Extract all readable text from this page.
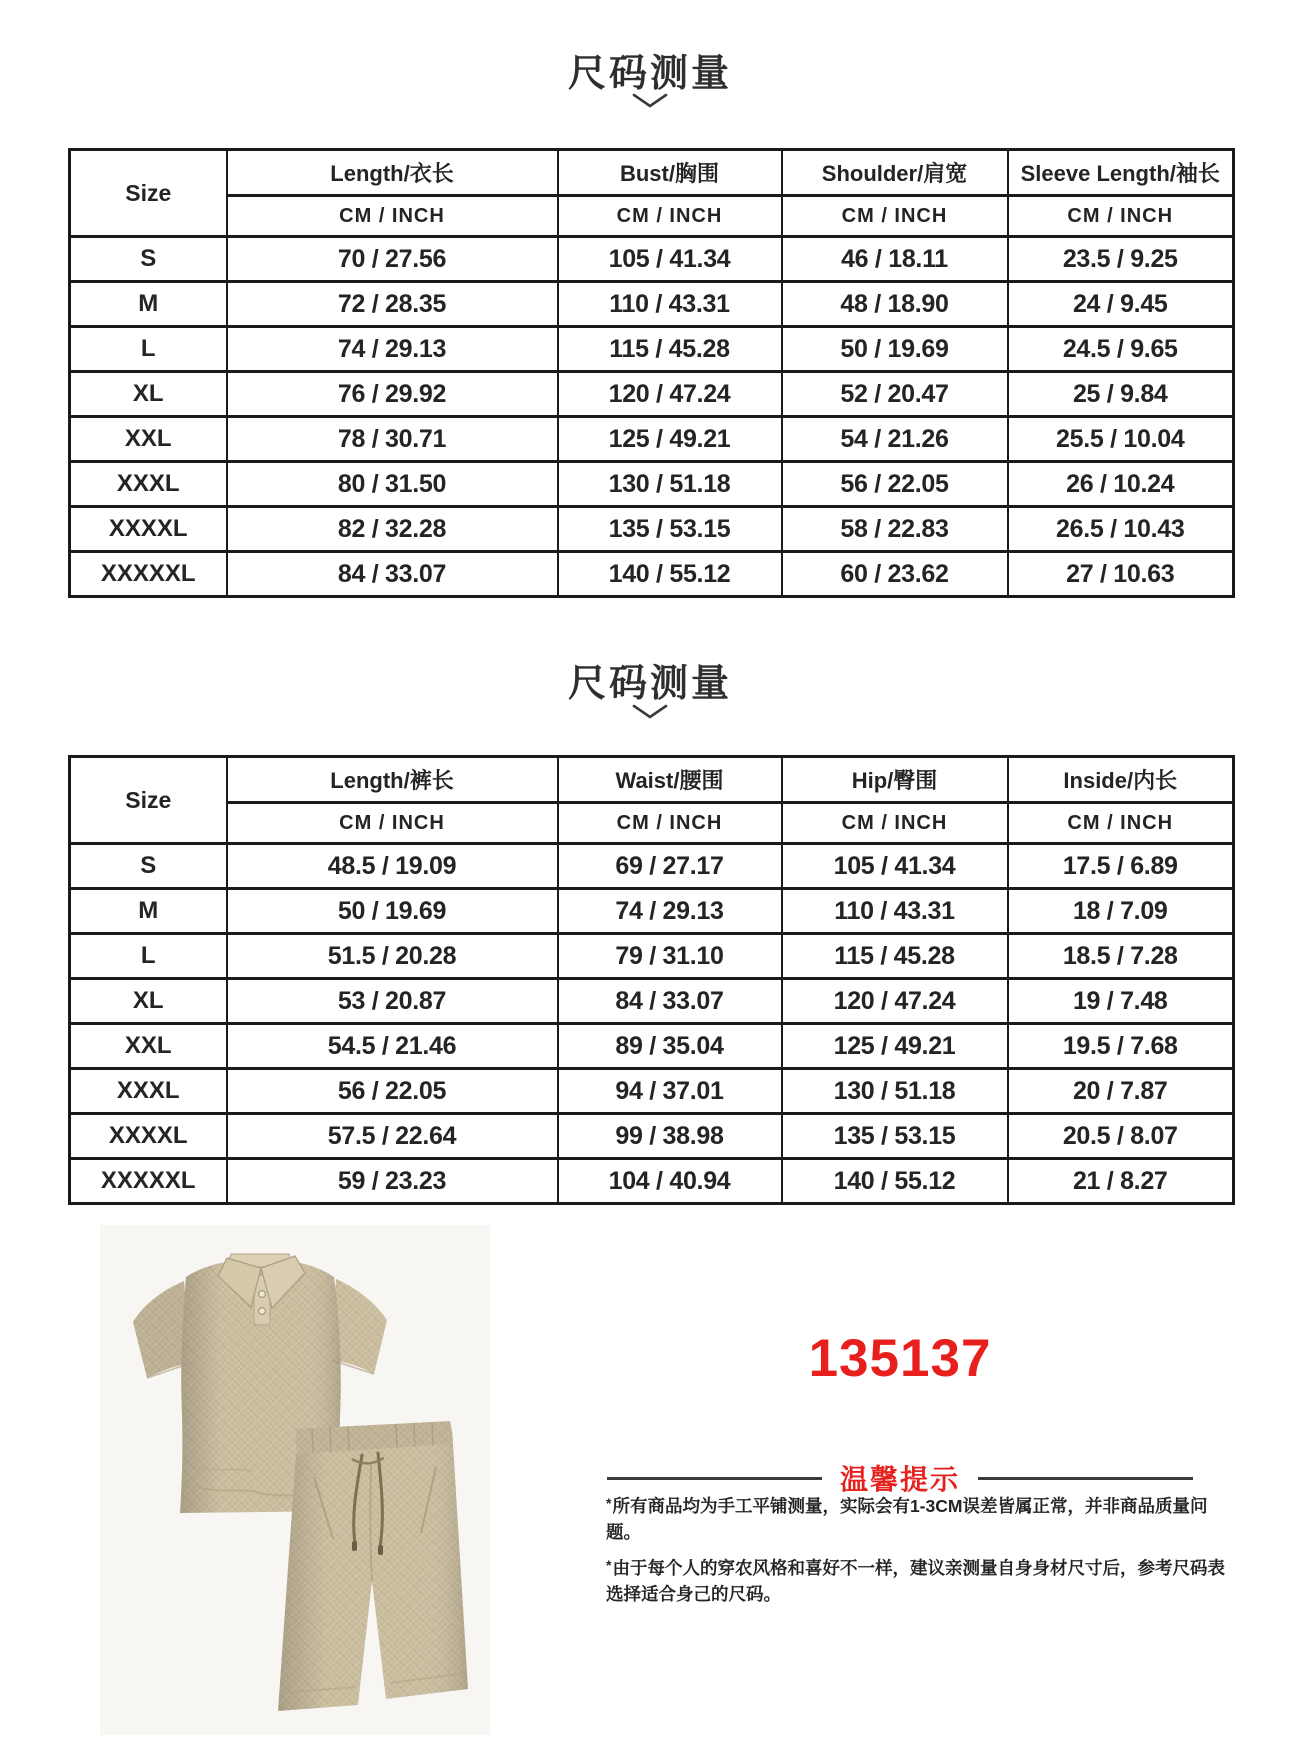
尺码测量
Size	Length/衣长	Bust/胸围	Shoulder/肩宽	Sleeve Length/袖长
	CM / INCH	CM / INCH	CM / INCH	CM / INCH
S	70 / 27.56	105 / 41.34	46 / 18.11	23.5 / 9.25
M	72 / 28.35	110 / 43.31	48 / 18.90	24 / 9.45
L	74 / 29.13	115 / 45.28	50 / 19.69	24.5 / 9.65
XL	76 / 29.92	120 / 47.24	52 / 20.47	25 / 9.84
XXL	78 / 30.71	125 / 49.21	54 / 21.26	25.5 / 10.04
XXXL	80 / 31.50	130 / 51.18	56 / 22.05	26 / 10.24
XXXXL	82 / 32.28	135 / 53.15	58 / 22.83	26.5 / 10.43
XXXXXL	84 / 33.07	140 / 55.12	60 / 23.62	27 / 10.63
尺码测量
Size	Length/裤长	Waist/腰围	Hip/臀围	Inside/内长
	CM / INCH	CM / INCH	CM / INCH	CM / INCH
S	48.5 / 19.09	69 / 27.17	105 / 41.34	17.5 / 6.89
M	50 / 19.69	74 / 29.13	110 / 43.31	18 / 7.09
L	51.5 / 20.28	79 / 31.10	115 / 45.28	18.5 / 7.28
XL	53 / 20.87	84 / 33.07	120 / 47.24	19 / 7.48
XXL	54.5 / 21.46	89 / 35.04	125 / 49.21	19.5 / 7.68
XXXL	56 / 22.05	94 / 37.01	130 / 51.18	20 / 7.87
XXXXL	57.5 / 22.64	99 / 38.98	135 / 53.15	20.5 / 8.07
XXXXXL	59 / 23.23	104 / 40.94	140 / 55.12	21 / 8.27
135137
温馨提示

*所有商品均为手工平铺测量，实际会有1-3CM误差皆属正常，并非商品质量问题。

*由于每个人的穿农风格和喜好不一样，建议亲测量自身身材尺寸后，参考尺码表选择适合身己的尺码。
